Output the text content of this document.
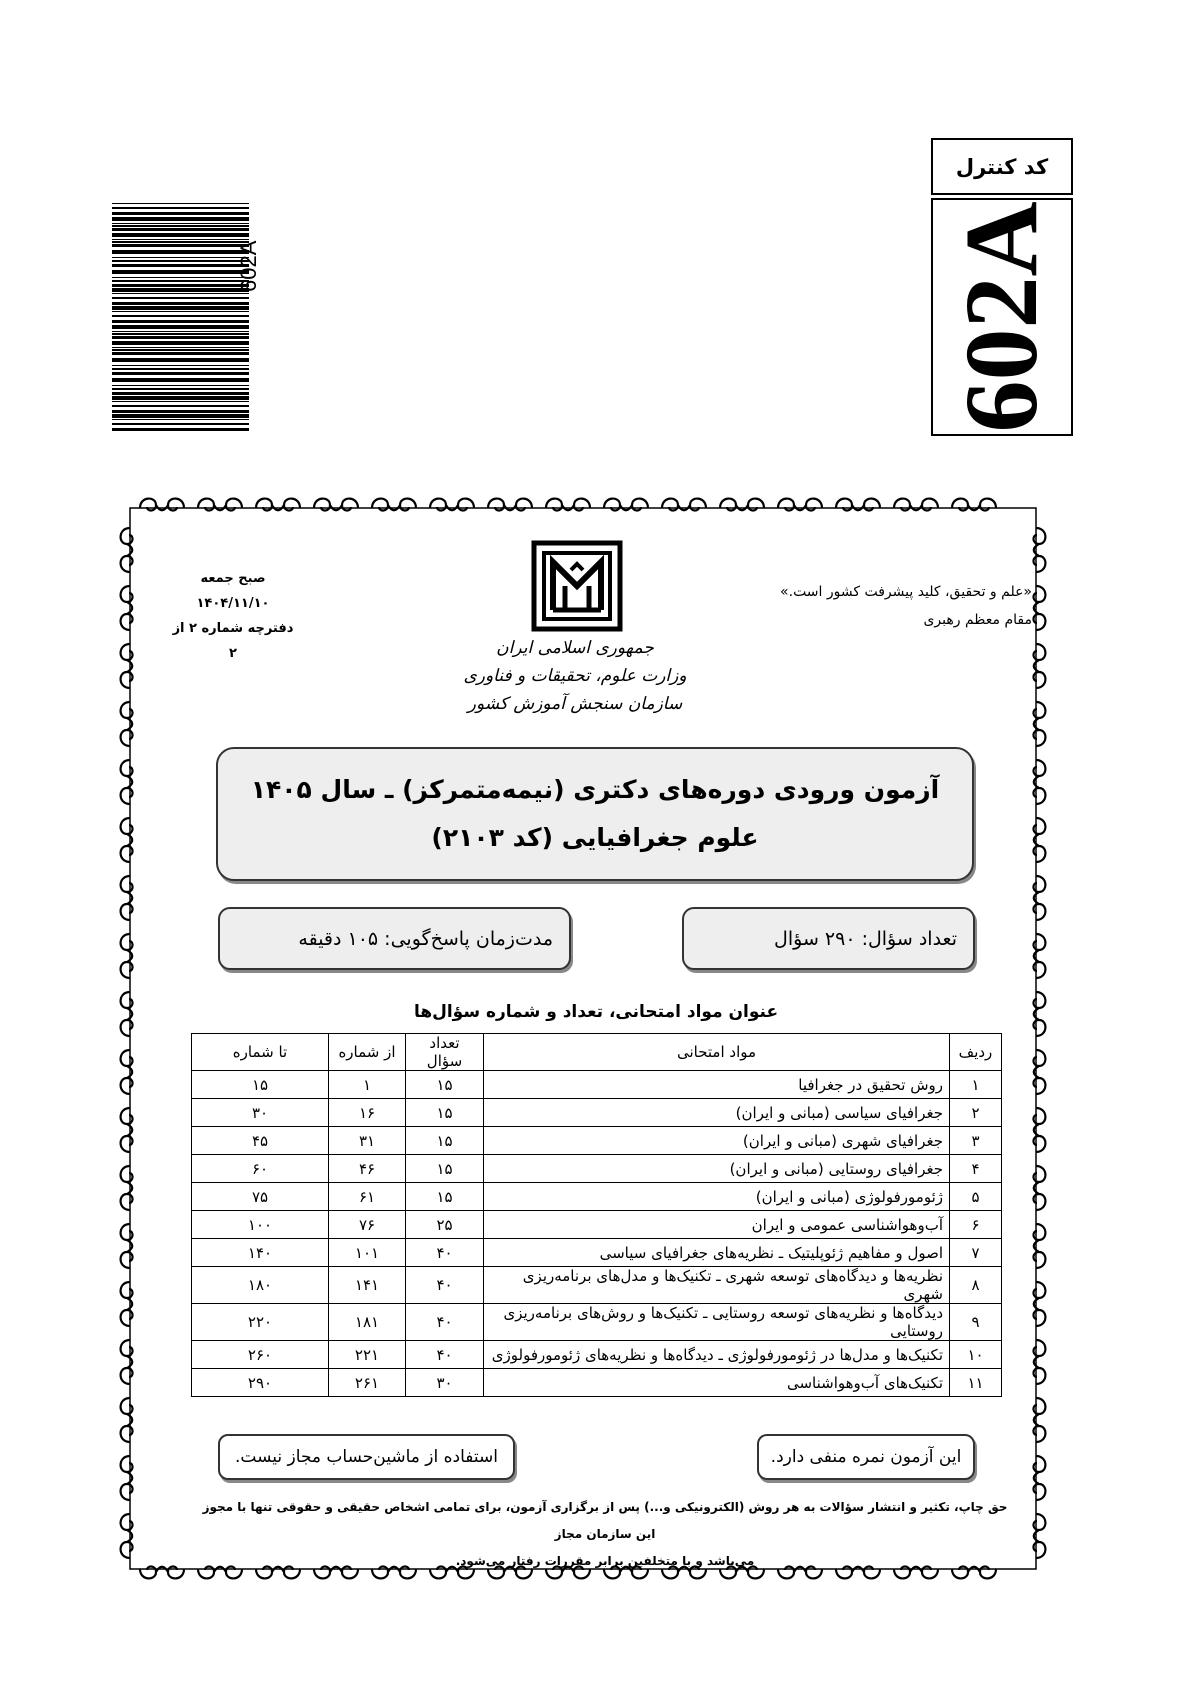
602A
کد کنترل
602A
صبح جمعه
۱۴۰۴/۱۱/۱۰
دفترچه شماره ۲ از ۲	جمهوری اسلامی ایران
وزارت علوم، تحقیقات و فناوری
سازمان سنجش آموزش کشور
«علم و تحقیق، کلید پیشرفت کشور است.»
مقام معظم رهبری
آزمون ورودی دوره‌های دکتری (نیمه‌متمرکز) ـ سال ۱۴۰۵
علوم جغرافیایی (کد ۲۱۰۳)
تعداد سؤال: ۲۹۰ سؤال
مدت‌زمان پاسخ‌گویی: ۱۰۵ دقیقه
عنوان مواد امتحانی، تعداد و شماره سؤال‌ها
ردیف	مواد امتحانی	تعداد سؤال	از شماره	تا شماره
۱	روش تحقیق در جغرافیا	۱۵	۱	۱۵
۲	جغرافیای سیاسی (مبانی و ایران)	۱۵	۱۶	۳۰
۳	جغرافیای شهری (مبانی و ایران)	۱۵	۳۱	۴۵
۴	جغرافیای روستایی (مبانی و ایران)	۱۵	۴۶	۶۰
۵	ژئومورفولوژی (مبانی و ایران)	۱۵	۶۱	۷۵
۶	آب‌وهواشناسی عمومی و ایران	۲۵	۷۶	۱۰۰
۷	اصول و مفاهیم ژئوپلیتیک ـ نظریه‌های جغرافیای سیاسی	۴۰	۱۰۱	۱۴۰
۸	نظریه‌ها و دیدگاه‌های توسعه شهری ـ تکنیک‌ها و مدل‌های برنامه‌ریزی شهری	۴۰	۱۴۱	۱۸۰
۹	دیدگاه‌ها و نظریه‌های توسعه روستایی ـ تکنیک‌ها و روش‌های برنامه‌ریزی روستایی	۴۰	۱۸۱	۲۲۰
۱۰	تکنیک‌ها و مدل‌ها در ژئومورفولوژی ـ دیدگاه‌ها و نظریه‌های ژئومورفولوژی	۴۰	۲۲۱	۲۶۰
۱۱	تکنیک‌های آب‌وهواشناسی	۳۰	۲۶۱	۲۹۰
این آزمون نمره منفی دارد.
استفاده از ماشین‌حساب مجاز نیست.
حق چاپ، تکثیر و انتشار سؤالات به هر روش (الکترونیکی و...) پس از برگزاری آزمون، برای تمامی اشخاص حقیقی و حقوقی تنها با مجوز این سازمان مجاز
می‌باشد و با متخلفین برابر مقررات رفتار می‌شود.
